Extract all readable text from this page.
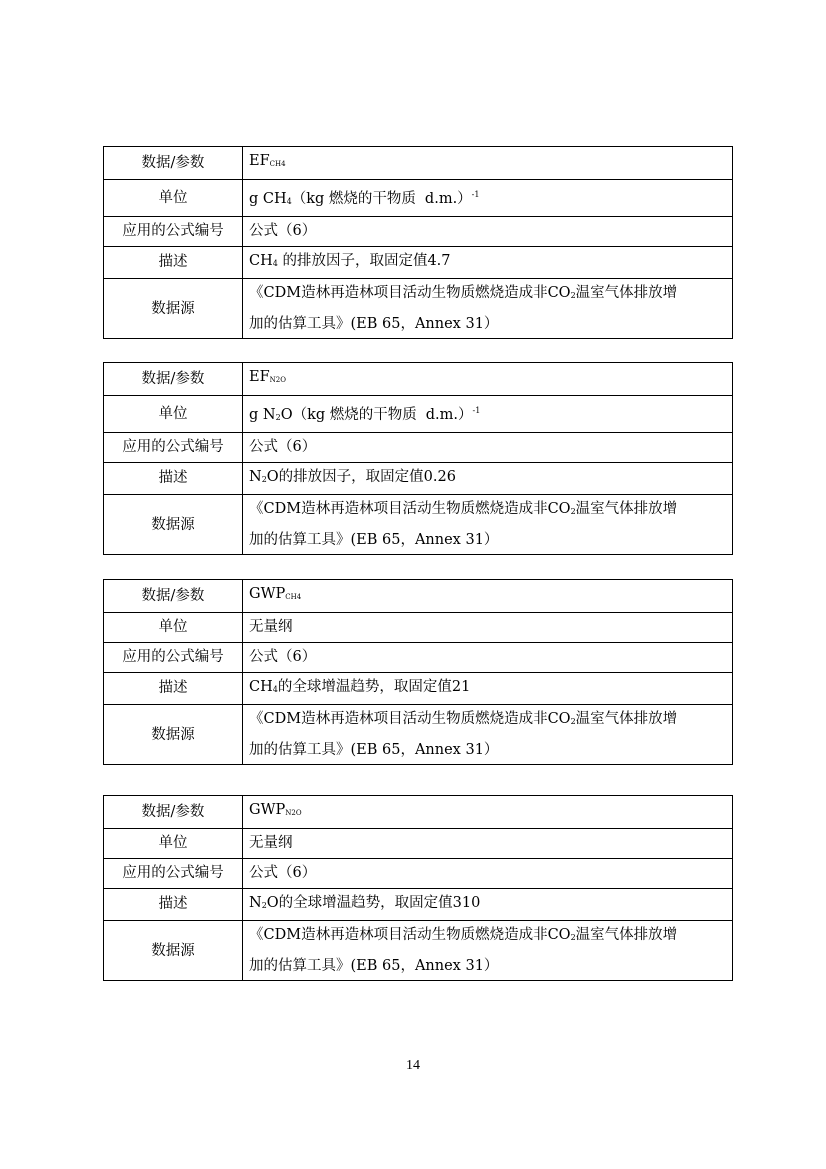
数据/参数	EFCH4
单位	g CH4（kg 燃烧的干物质 d.m.）$^{-1}$
应用的公式编号	公式（6）
描述	CH4 的排放因子，取固定值4.7
数据源	《CDM造林再造林项目活动生物质燃烧造成非CO2温室气体排放增
加的估算工具》(EB 65，Annex 31）
数据/参数	EFN2O
单位	g N2O（kg 燃烧的干物质 d.m.）$^{-1}$
应用的公式编号	公式（6）
描述	N2O的排放因子，取固定值0.26
数据源	《CDM造林再造林项目活动生物质燃烧造成非CO2温室气体排放增
加的估算工具》(EB 65，Annex 31）
数据/参数	GWPCH4
单位	无量纲
应用的公式编号	公式（6）
描述	CH4的全球增温趋势，取固定值21
数据源	《CDM造林再造林项目活动生物质燃烧造成非CO2温室气体排放增
加的估算工具》(EB 65，Annex 31）
数据/参数	GWPN2O
单位	无量纲
应用的公式编号	公式（6）
描述	N2O的全球增温趋势，取固定值310
数据源	《CDM造林再造林项目活动生物质燃烧造成非CO2温室气体排放增
加的估算工具》(EB 65，Annex 31）
14
